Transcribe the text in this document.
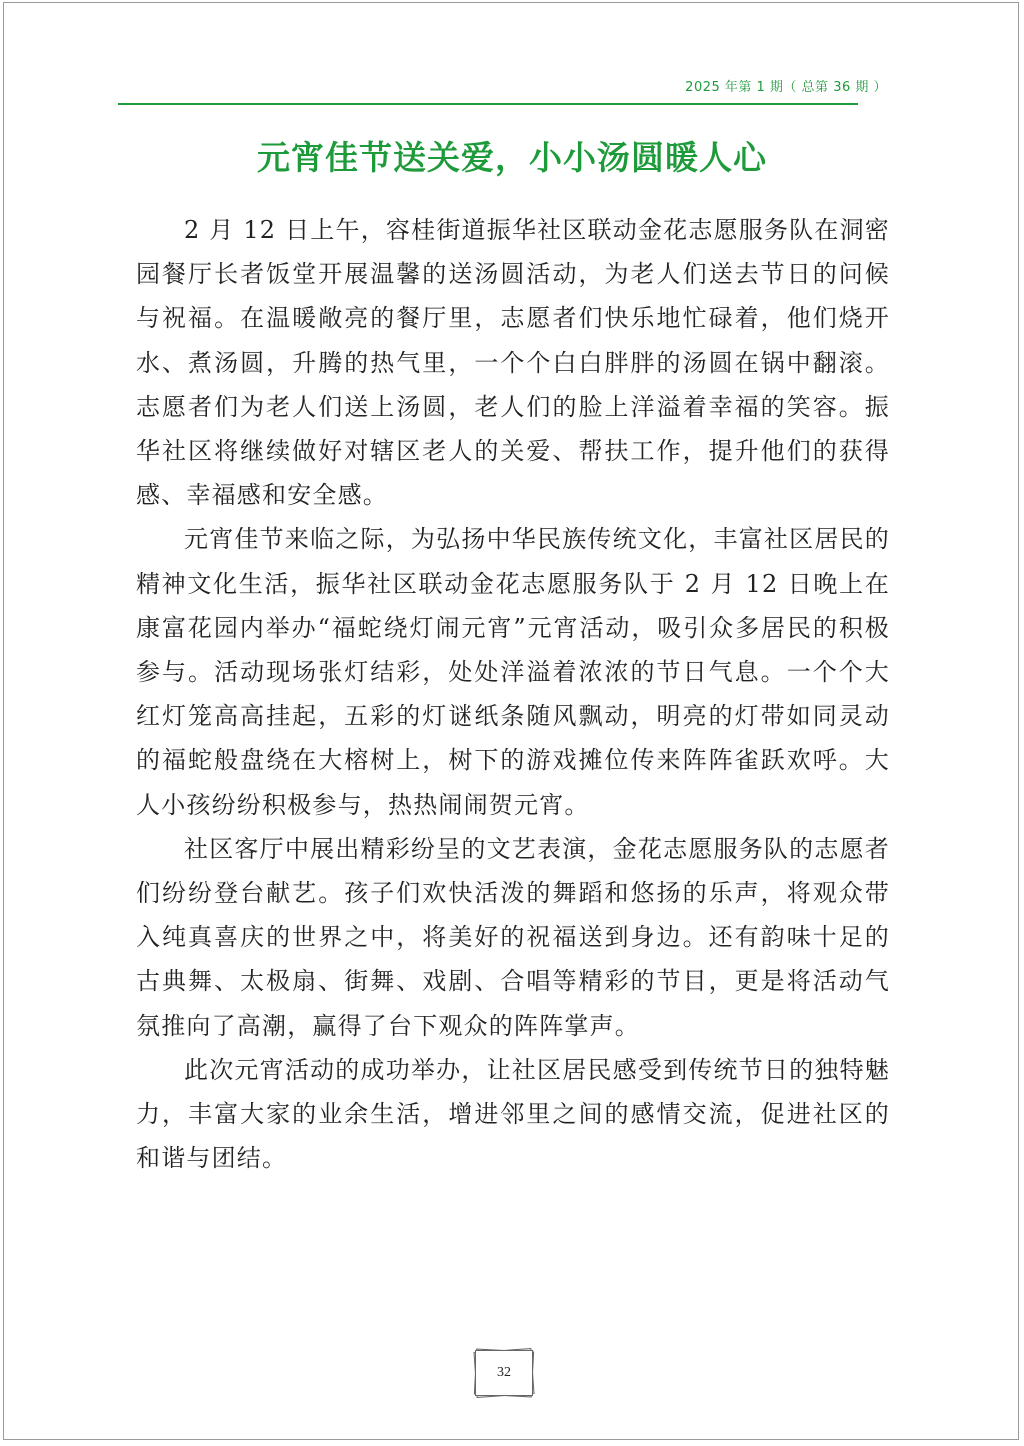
2025 年第 1 期（ 总第 36 期 ）
元宵佳节送关爱，小小汤圆暖人心

2 月 12 日上午，容桂街道振华社区联动金花志愿服务队在洞密园餐厅长者饭堂开展温馨的送汤圆活动，为老人们送去节日的问候与祝福。在温暖敞亮的餐厅里，志愿者们快乐地忙碌着，他们烧开水、煮汤圆，升腾的热气里，一个个白白胖胖的汤圆在锅中翻滚。志愿者们为老人们送上汤圆，老人们的脸上洋溢着幸福的笑容。振华社区将继续做好对辖区老人的关爱、帮扶工作，提升他们的获得感、幸福感和安全感。

元宵佳节来临之际，为弘扬中华民族传统文化，丰富社区居民的精神文化生活，振华社区联动金花志愿服务队于 2 月 12 日晚上在康富花园内举办“福蛇绕灯闹元宵”元宵活动，吸引众多居民的积极参与。活动现场张灯结彩，处处洋溢着浓浓的节日气息。一个个大红灯笼高高挂起，五彩的灯谜纸条随风飘动，明亮的灯带如同灵动的福蛇般盘绕在大榕树上，树下的游戏摊位传来阵阵雀跃欢呼。大人小孩纷纷积极参与，热热闹闹贺元宵。

社区客厅中展出精彩纷呈的文艺表演，金花志愿服务队的志愿者们纷纷登台献艺。孩子们欢快活泼的舞蹈和悠扬的乐声，将观众带入纯真喜庆的世界之中，将美好的祝福送到身边。还有韵味十足的古典舞、太极扇、街舞、戏剧、合唱等精彩的节目，更是将活动气氛推向了高潮，赢得了台下观众的阵阵掌声。

此次元宵活动的成功举办，让社区居民感受到传统节日的独特魅力，丰富大家的业余生活，增进邻里之间的感情交流，促进社区的和谐与团结。

32
